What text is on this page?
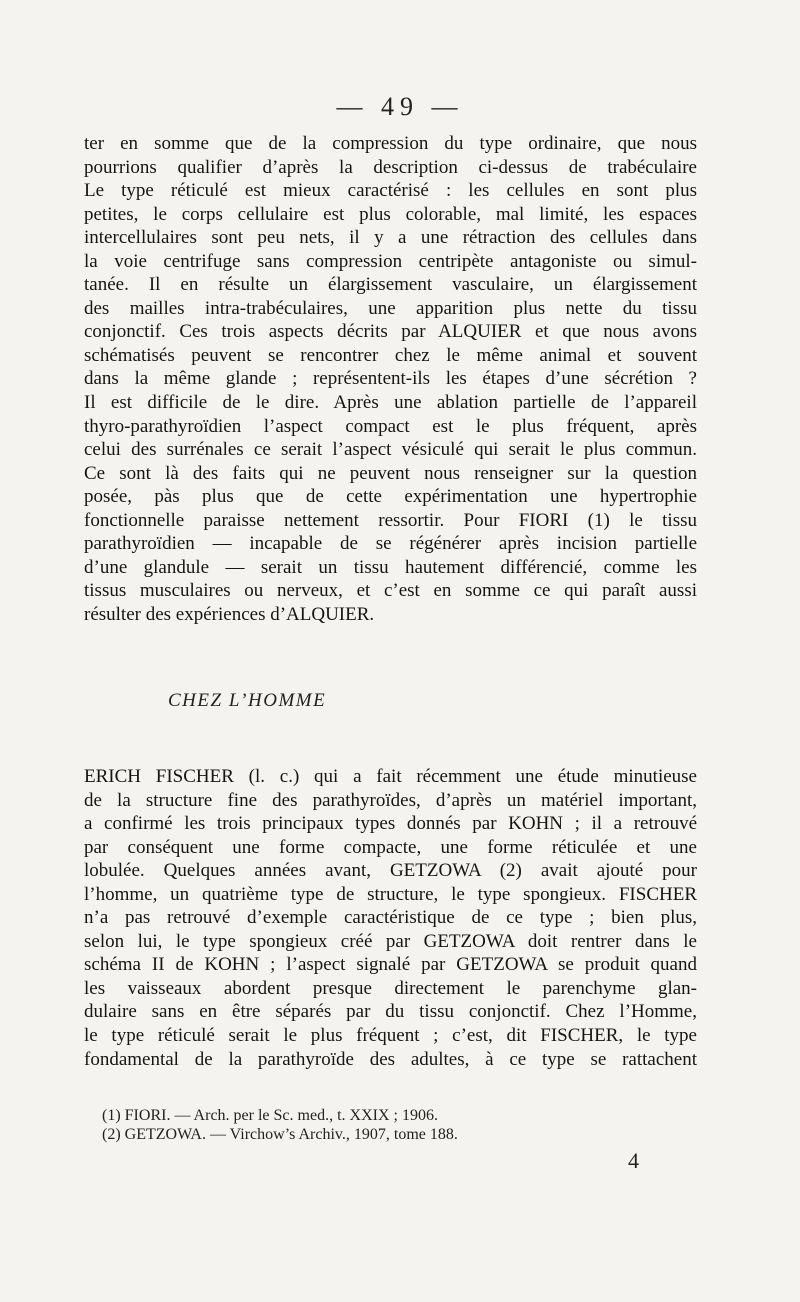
— 49 —
ter en somme que de la compression du type ordinaire, que nous
pourrions qualifier d’après la description ci-dessus de trabéculaire
Le type réticulé est mieux caractérisé : les cellules en sont plus
petites, le corps cellulaire est plus colorable, mal limité, les espaces
intercellulaires sont peu nets, il y a une rétraction des cellules dans
la voie centrifuge sans compression centripète antagoniste ou simul-
tanée. Il en résulte un élargissement vasculaire, un élargissement
des mailles intra-trabéculaires, une apparition plus nette du tissu
conjonctif. Ces trois aspects décrits par ALQUIER et que nous avons
schématisés peuvent se rencontrer chez le même animal et souvent
dans la même glande ; représentent-ils les étapes d’une sécrétion ?
Il est difficile de le dire. Après une ablation partielle de l’appareil
thyro-parathyroïdien l’aspect compact est le plus fréquent, après
celui des surrénales ce serait l’aspect vésiculé qui serait le plus commun.
Ce sont là des faits qui ne peuvent nous renseigner sur la question
posée, pàs plus que de cette expérimentation une hypertrophie
fonctionnelle paraisse nettement ressortir. Pour FIORI (1) le tissu
parathyroïdien — incapable de se régénérer après incision partielle
d’une glandule — serait un tissu hautement différencié, comme les
tissus musculaires ou nerveux, et c’est en somme ce qui paraît aussi
résulter des expériences d’ALQUIER.
CHEZ L’HOMME
ERICH FISCHER (l. c.) qui a fait récemment une étude minutieuse
de la structure fine des parathyroïdes, d’après un matériel important,
a confirmé les trois principaux types donnés par KOHN ; il a retrouvé
par conséquent une forme compacte, une forme réticulée et une
lobulée. Quelques années avant, GETZOWA (2) avait ajouté pour
l’homme, un quatrième type de structure, le type spongieux. FISCHER
n’a pas retrouvé d’exemple caractéristique de ce type ; bien plus,
selon lui, le type spongieux créé par GETZOWA doit rentrer dans le
schéma II de KOHN ; l’aspect signalé par GETZOWA se produit quand
les vaisseaux abordent presque directement le parenchyme glan-
dulaire sans en être séparés par du tissu conjonctif. Chez l’Homme,
le type réticulé serait le plus fréquent ; c’est, dit FISCHER, le type
fondamental de la parathyroïde des adultes, à ce type se rattachent
(1) FIORI. — Arch. per le Sc. med., t. XXIX ; 1906.
(2) GETZOWA. — Virchow’s Archiv., 1907, tome 188.
4
